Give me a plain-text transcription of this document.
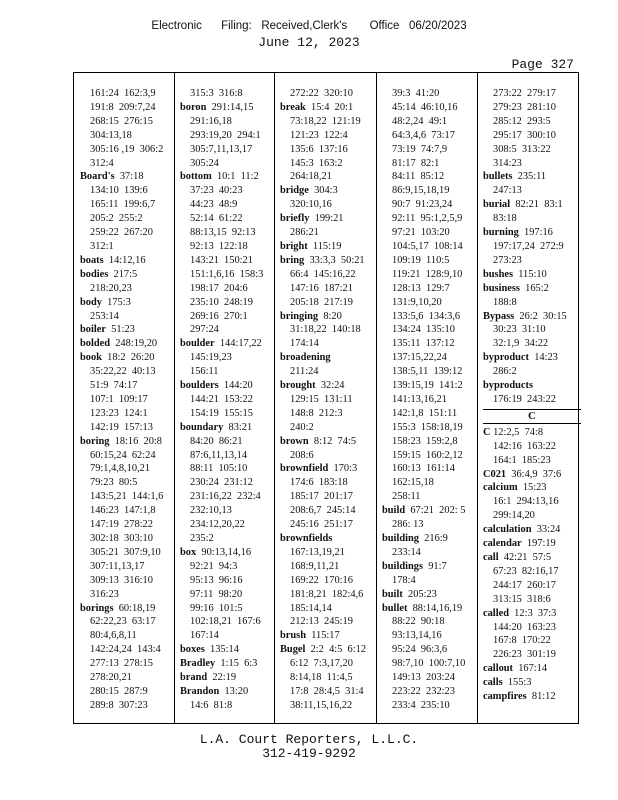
Electronic      Filing:   Received,Clerk's       Office   06/20/2023
June 12, 2023
Page 327
161:24  162:3,9
191:8  209:7,24
268:15  276:15
304:13,18
305:16 ,19  306:2
312:4
Board's  37:18
134:10  139:6
165:11  199:6,7
205:2  255:2
259:22  267:20
312:1
boats  14:12,16
bodies  217:5
218:20,23
body  175:3
253:14
boiler  51:23
bolded  248:19,20
book  18:2  26:20
35:22,22  40:13
51:9  74:17
107:1  109:17
123:23  124:1
142:19  157:13
boring  18:16  20:8
60:15,24  62:24
79:1,4,8,10,21
79:23  80:5
143:5,21  144:1,6
146:23  147:1,8
147:19  278:22
302:18  303:10
305:21  307:9,10
307:11,13,17
309:13  316:10
316:23
borings  60:18,19
62:22,23  63:17
80:4,6,8,11
142:24,24  143:4
277:13  278:15
278:20,21
280:15  287:9
289:8  307:23
315:3  316:8
boron  291:14,15
291:16,18
293:19,20  294:1
305:7,11,13,17
305:24
bottom  10:1  11:2
37:23  40:23
44:23  48:9
52:14  61:22
88:13,15  92:13
92:13  122:18
143:21  150:21
151:1,6,16  158:3
198:17  204:6
235:10  248:19
269:16  270:1
297:24
boulder  144:17,22
145:19,23
156:11
boulders  144:20
144:21  153:22
154:19  155:15
boundary  83:21
84:20  86:21
87:6,11,13,14
88:11  105:10
230:24  231:12
231:16,22  232:4
232:10,13
234:12,20,22
235:2
box  90:13,14,16
92:21  94:3
95:13  96:16
97:11  98:20
99:16  101:5
102:18,21  167:6
167:14
boxes  135:14
Bradley  1:15  6:3
brand  22:19
Brandon  13:20
14:6  81:8
272:22  320:10
break  15:4  20:1
73:18,22  121:19
121:23  122:4
135:6  137:16
145:3  163:2
264:18,21
bridge  304:3
320:10,16
briefly  199:21
286:21
bright  115:19
bring  33:3,3  50:21
66:4  145:16,22
147:16  187:21
205:18  217:19
bringing  8:20
31:18,22  140:18
174:14
broadening
211:24
brought  32:24
129:15  131:11
148:8  212:3
240:2
brown  8:12  74:5
208:6
brownfield  170:3
174:6  183:18
185:17  201:17
208:6,7  245:14
245:16  251:17
brownfields
167:13,19,21
168:9,11,21
169:22  170:16
181:8,21  182:4,6
185:14,14
212:13  245:19
brush  115:17
Bugel  2:2  4:5  6:12
6:12  7:3,17,20
8:14,18  11:4,5
17:8  28:4,5  31:4
38:11,15,16,22
39:3  41:20
45:14  46:10,16
48:2,24  49:1
64:3,4,6  73:17
73:19  74:7,9
81:17  82:1
84:11  85:12
86:9,15,18,19
90:7  91:23,24
92:11  95:1,2,5,9
97:21  103:20
104:5,17  108:14
109:19  110:5
119:21  128:9,10
128:13  129:7
131:9,10,20
133:5,6  134:3,6
134:24  135:10
135:11  137:12
137:15,22,24
138:5,11  139:12
139:15,19  141:2
141:13,16,21
142:1,8  151:11
155:3  158:18,19
158:23  159:2,8
159:15  160:2,12
160:13  161:14
162:15,18
258:11
build  67:21  202: 5
286: 13
building  216:9
233:14
buildings  91:7
178:4
built  205:23
bullet  88:14,16,19
88:22  90:18
93:13,14,16
95:24  96:3,6
98:7,10  100:7,10
149:13  203:24
223:22  232:23
233:4  235:10
273:22  279:17
279:23  281:10
285:12  293:5
295:17  300:10
308:5  313:22
314:23
bullets  235:11
247:13
burial  82:21  83:1
83:18
burning  197:16
197:17,24  272:9
273:23
bushes  115:10
business  165:2
188:8
Bypass  26:2  30:15
30:23  31:10
32:1,9  34:22
byproduct  14:23
286:2
byproducts
176:19  243:22
C
C 12:2,5  74:8
142:16  163:22
164:1  185:23
C021  36:4,9  37:6
calcium  15:23
16:1  294:13,16
299:14,20
calculation  33:24
calendar  197:19
call  42:21  57:5
67:23  82:16,17
244:17  260:17
313:15  318:6
called  12:3  37:3
144:20  163:23
167:8  170:22
226:23  301:19
callout  167:14
calls  155:3
campfires  81:12
L.A. Court Reporters, L.L.C.
312-419-9292
